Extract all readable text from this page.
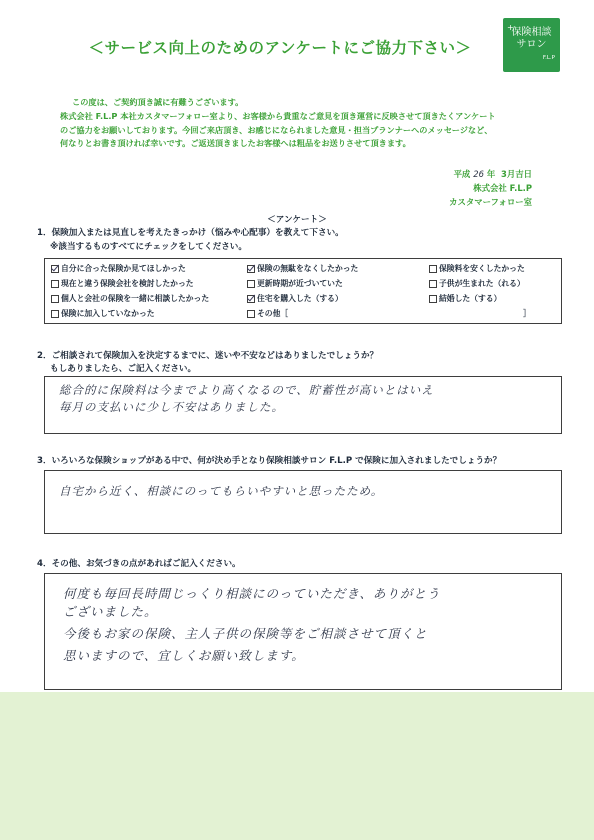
＜サービス向上のためのアンケートにご協力下さい＞
+
保険相談
サロン
F.L.P
この度は、ご契約頂き誠に有難うございます。
株式会社 F.L.P 本社カスタマーフォロー室より、お客様から貴重なご意見を頂き運営に反映させて頂きたくアンケート
のご協力をお願いしております。今回ご来店頂き、お感じになられました意見・担当プランナーへのメッセージなど、
何なりとお書き頂ければ幸いです。ご返送頂きましたお客様へは粗品をお送りさせて頂きます。
平成 26 年 3月吉日
株式会社 F.L.P
カスタマーフォロー室
＜アンケート＞
1．保険加入または見直しを考えたきっかけ（悩みや心配事）を教えて下さい。
※該当するものすべてにチェックをしてください。
自分に合った保険か見てほしかった	保険の無駄をなくしたかった	保険料を安くしたかった
現在と違う保険会社を検討したかった	更新時期が近づいていた	子供が生まれた（れる）
個人と会社の保険を一緒に相談したかった	住宅を購入した（する）	結婚した（する）
保険に加入していなかった	その他［	］
2．ご相談されて保険加入を決定するまでに、迷いや不安などはありましたでしょうか？
もしありましたら、ご記入ください。
総合的に保険料は今までより高くなるので、貯蓄性が高いとはいえ
毎月の支払いに少し不安はありました。
3．いろいろな保険ショップがある中で、何が決め手となり保険相談サロン F.L.P で保険に加入されましたでしょうか？
自宅から近く、相談にのってもらいやすいと思ったため。
4．その他、お気づきの点があればご記入ください。
何度も毎回長時間じっくり相談にのっていただき、ありがとう
ございました。
今後もお家の保険、主人子供の保険等をご相談させて頂くと
思いますので、宜しくお願い致します。
